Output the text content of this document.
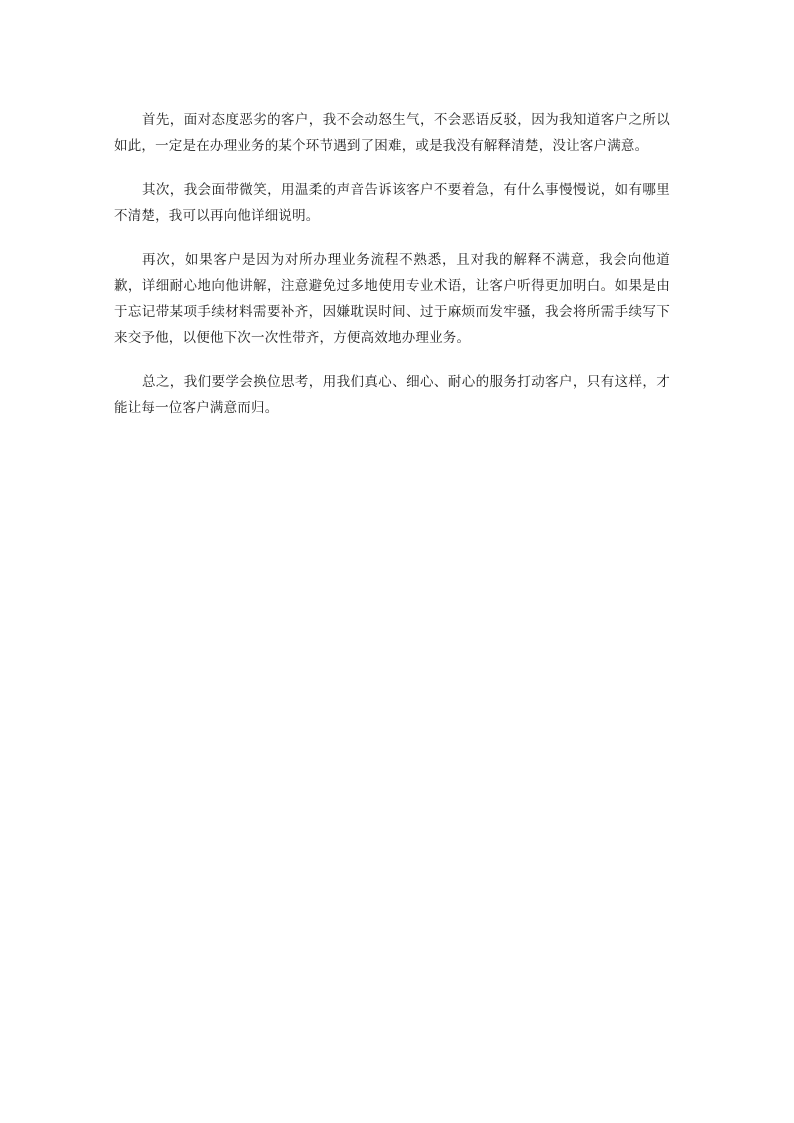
首先，面对态度恶劣的客户，我不会动怒生气，不会恶语反驳，因为我知道客户之所以如此，一定是在办理业务的某个环节遇到了困难，或是我没有解释清楚，没让客户满意。

其次，我会面带微笑，用温柔的声音告诉该客户不要着急，有什么事慢慢说，如有哪里不清楚，我可以再向他详细说明。

再次，如果客户是因为对所办理业务流程不熟悉，且对我的解释不满意，我会向他道歉，详细耐心地向他讲解，注意避免过多地使用专业术语，让客户听得更加明白。如果是由于忘记带某项手续材料需要补齐，因嫌耽误时间、过于麻烦而发牢骚，我会将所需手续写下来交予他，以便他下次一次性带齐，方便高效地办理业务。

总之，我们要学会换位思考，用我们真心、细心、耐心的服务打动客户，只有这样，才能让每一位客户满意而归。
